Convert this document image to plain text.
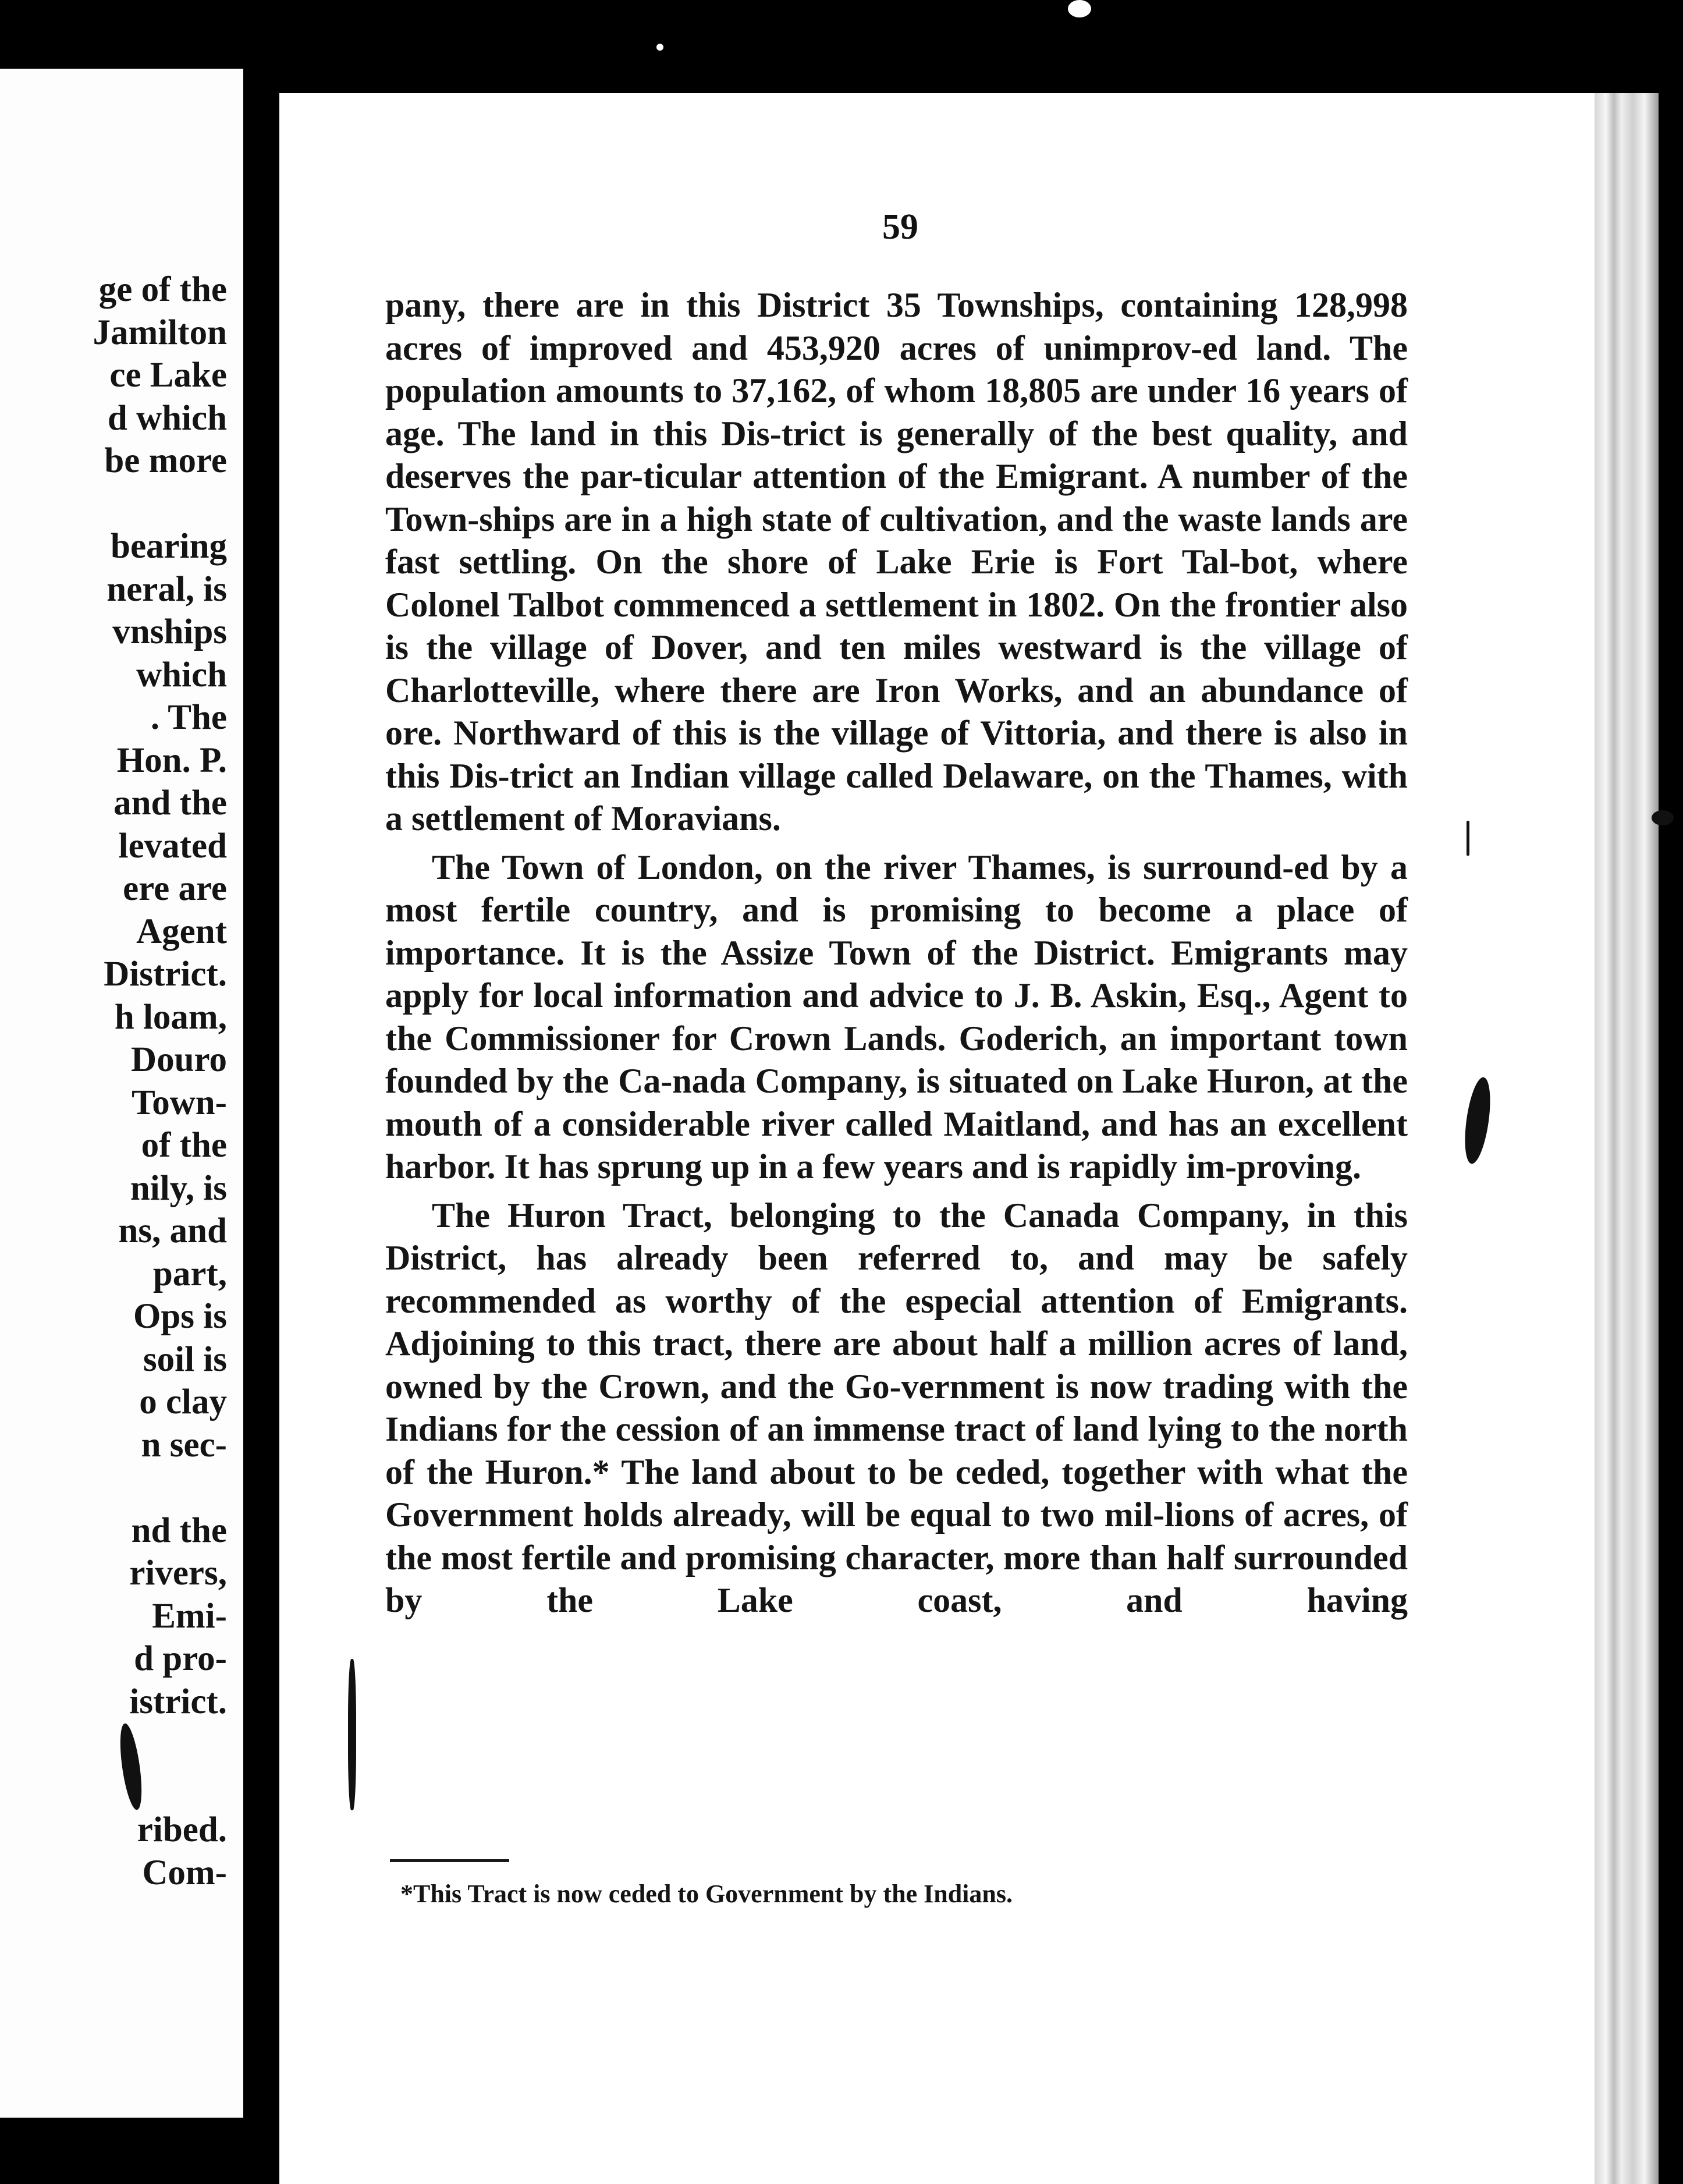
ge of the
Jamilton
ce Lake
d which
be more
bearing
neral, is
vnships
which
. The
Hon. P.
and the
levated
ere are
Agent
District.
h loam,
Douro
Town-
of the
nily, is
ns, and
part,
Ops is
soil is
o clay
n sec-
nd the
rivers,
Emi-
d pro-
istrict.
ribed.
Com-
59

pany, there are in this District 35 Townships, containing 128,998 acres of improved and 453,920 acres of unimprov-ed land. The population amounts to 37,162, of whom 18,805 are under 16 years of age. The land in this Dis-trict is generally of the best quality, and deserves the par-ticular attention of the Emigrant. A number of the Town-ships are in a high state of cultivation, and the waste lands are fast settling. On the shore of Lake Erie is Fort Tal-bot, where Colonel Talbot commenced a settlement in 1802. On the frontier also is the village of Dover, and ten miles westward is the village of Charlotteville, where there are Iron Works, and an abundance of ore. Northward of this is the village of Vittoria, and there is also in this Dis-trict an Indian village called Delaware, on the Thames, with a settlement of Moravians.

The Town of London, on the river Thames, is surround-ed by a most fertile country, and is promising to become a place of importance. It is the Assize Town of the District. Emigrants may apply for local information and advice to J. B. Askin, Esq., Agent to the Commissioner for Crown Lands. Goderich, an important town founded by the Ca-nada Company, is situated on Lake Huron, at the mouth of a considerable river called Maitland, and has an excellent harbor. It has sprung up in a few years and is rapidly im-proving.

The Huron Tract, belonging to the Canada Company, in this District, has already been referred to, and may be safely recommended as worthy of the especial attention of Emigrants. Adjoining to this tract, there are about half a million acres of land, owned by the Crown, and the Go-vernment is now trading with the Indians for the cession of an immense tract of land lying to the north of the Huron.* The land about to be ceded, together with what the Government holds already, will be equal to two mil-lions of acres, of the most fertile and promising character, more than half surrounded by the Lake coast, and having

*This Tract is now ceded to Government by the Indians.
